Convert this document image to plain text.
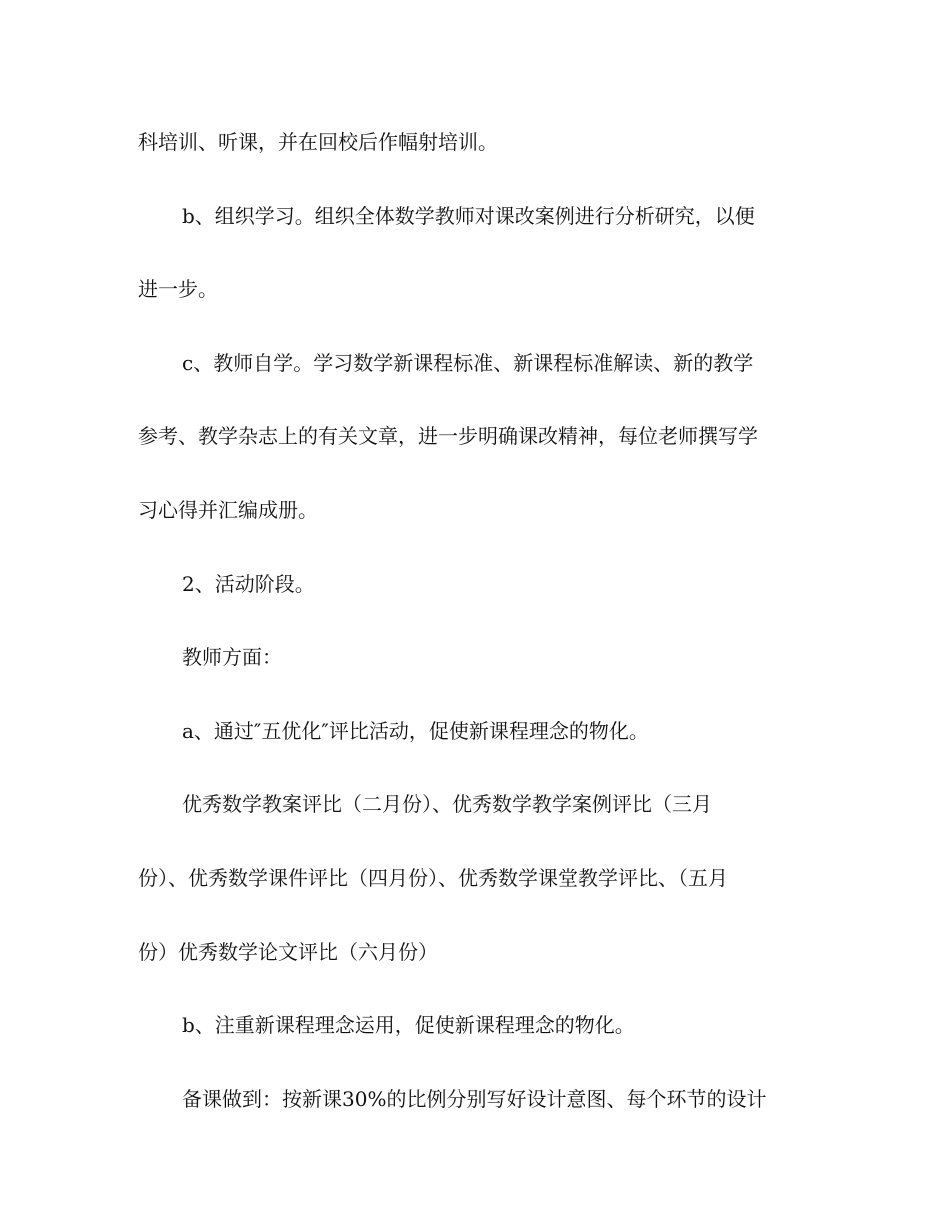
科培训、听课，并在回校后作幅射培训。
b、组织学习。组织全体数学教师对课改案例进行分析研究，以便
进一步。
c、教师自学。学习数学新课程标准、新课程标准解读、新的教学
参考、教学杂志上的有关文章，进一步明确课改精神，每位老师撰写学
习心得并汇编成册。
2、活动阶段。
教师方面：
a、通过″五优化″评比活动，促使新课程理念的物化。
优秀数学教案评比（二月份）、优秀数学教学案例评比（三月
份）、优秀数学课件评比（四月份）、优秀数学课堂教学评比、（五月
份）优秀数学论文评比（六月份）
b、注重新课程理念运用，促使新课程理念的物化。
备课做到：按新课30%的比例分别写好设计意图、每个环节的设计
